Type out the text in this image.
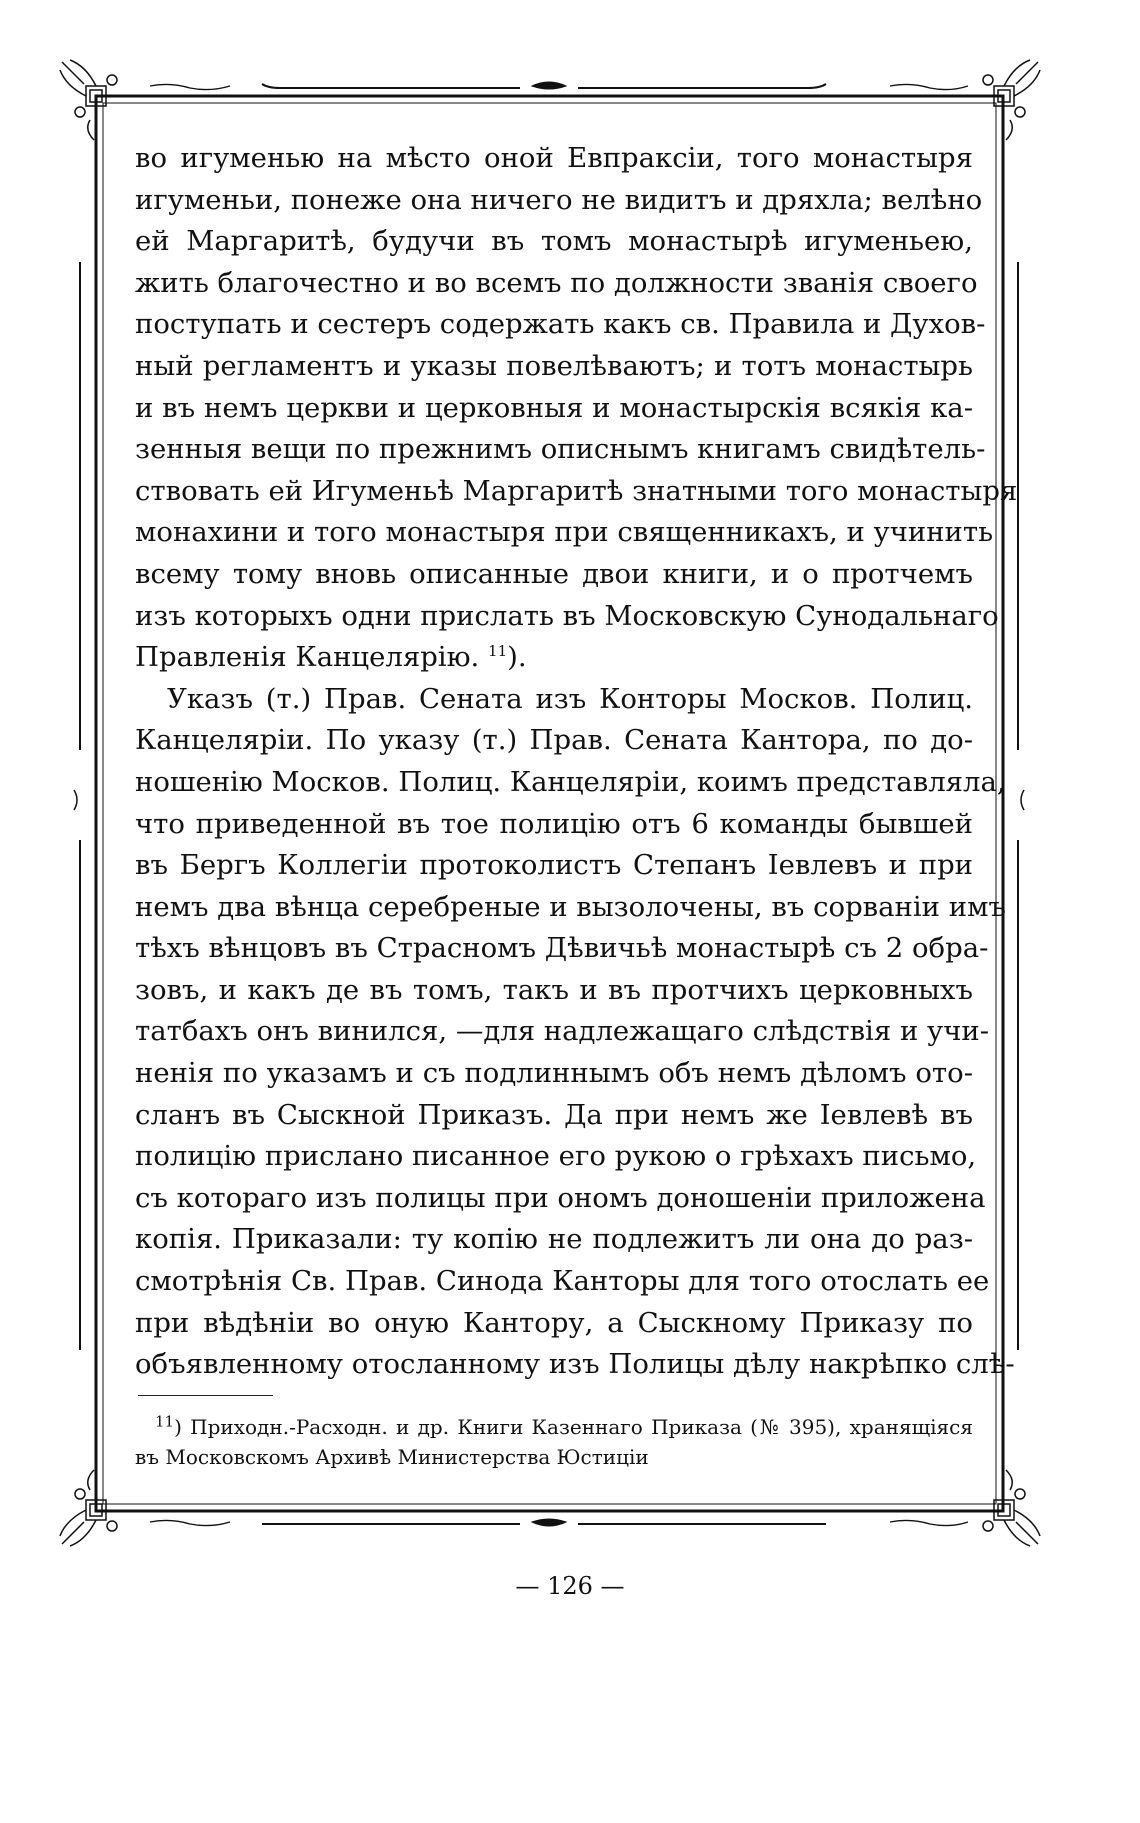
во игуменью на мѣсто оной Евпраксіи, того монастыря
игуменьи, понеже она ничего не видитъ и дряхла; велѣно
ей Маргаритѣ, будучи въ томъ монастырѣ игуменьею,
жить благочестно и во всемъ по должности званія своего
поступать и сестеръ содержать какъ св. Правила и Духов-
ный регламентъ и указы повелѣваютъ; и тотъ монастырь
и въ немъ церкви и церковныя и монастырскія всякія ка-
зенныя вещи по прежнимъ описнымъ книгамъ свидѣтель-
ствовать ей Игуменьѣ Маргаритѣ знатными того монастыря
монахини и того монастыря при священникахъ, и учинить
всему тому вновь описанные двои книги, и о протчемъ
изъ которыхъ одни прислать въ Московскую Сунодальнаго
Правленія Канцелярію. $^{11}$).
Указъ (т.) Прав. Сената изъ Конторы Москов. Полиц.
Канцеляріи. По указу (т.) Прав. Сената Кантора, по до-
ношенію Москов. Полиц. Канцеляріи, коимъ представляла,
что приведенной въ тое полицію отъ 6 команды бывшей
въ Бергъ Коллегіи протоколистъ Степанъ Іевлевъ и при
немъ два вѣнца серебреные и вызолочены, въ сорваніи имъ
тѣхъ вѣнцовъ въ Страсномъ Дѣвичьѣ монастырѣ съ 2 обра-
зовъ, и какъ де въ томъ, такъ и въ протчихъ церковныхъ
татбахъ онъ винился, —для надлежащаго слѣдствія и учи-
ненія по указамъ и съ подлиннымъ объ немъ дѣломъ ото-
сланъ въ Сыскной Приказъ. Да при немъ же Іевлевѣ въ
полицію прислано писанное его рукою о грѣхахъ письмо,
съ котораго изъ полицы при ономъ доношеніи приложена
копія. Приказали: ту копію не подлежитъ ли она до раз-
смотрѣнія Св. Прав. Синода Канторы для того отослать ее
при вѣдѣніи во оную Кантору, а Сыскному Приказу по
объявленному отосланному изъ Полицы дѣлу накрѣпко слѣ-
$^{11}$) Приходн.-Расходн. и др. Книги Казеннаго Приказа (№ 395), хранящіяся
въ Московскомъ Архивѣ Министерства Юстиціи
— 126 —
